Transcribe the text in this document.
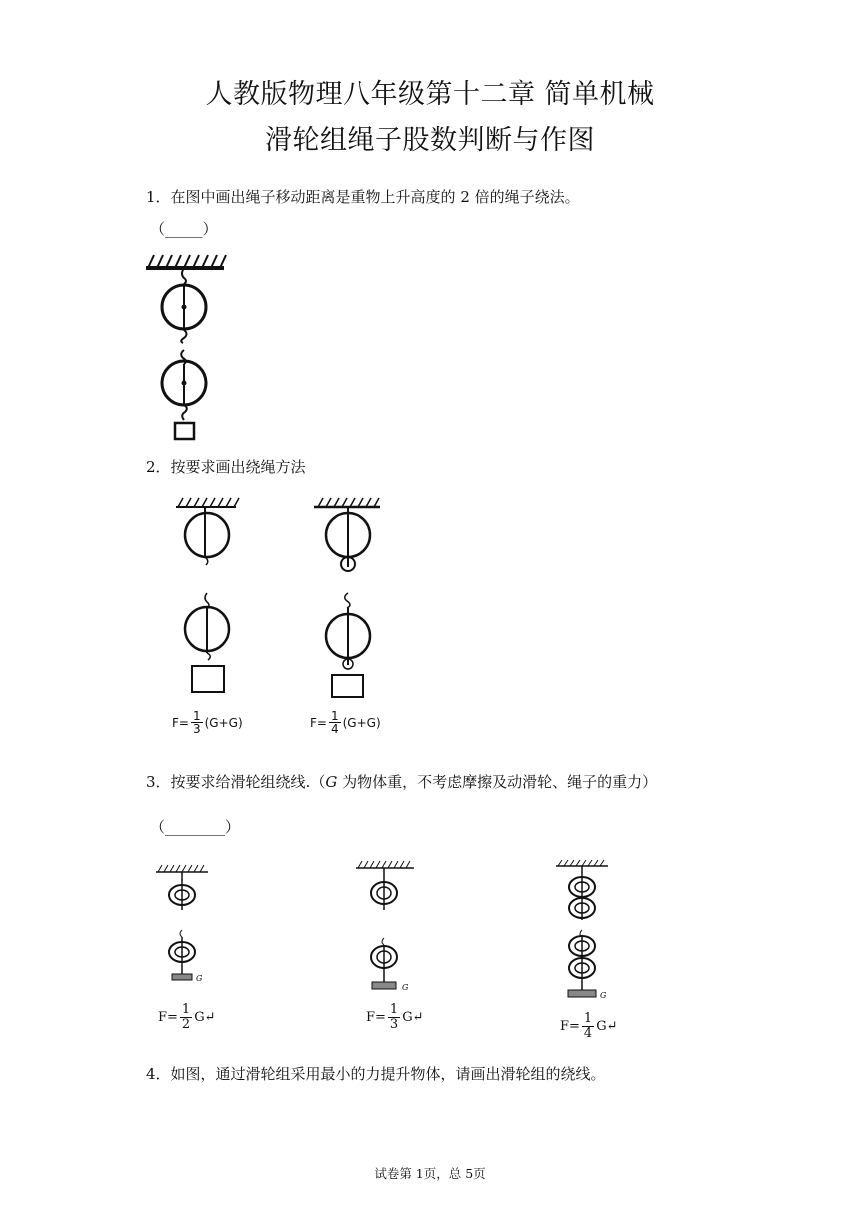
人教版物理八年级第十二章 简单机械
滑轮组绳子股数判断与作图
1．在图中画出绳子移动距离是重物上升高度的 2 倍的绳子绕法。
（_____）
2．按要求画出绕绳方法
$F= \frac{1}{3} (G+G)$	$F= \frac{1}{4} (G+G)$
3．按要求给滑轮组绕线.（G 为物体重，不考虑摩擦及动滑轮、绳子的重力）
（________）
G
G
G
$F= \frac{1}{2}$ G↵	$F= \frac{1}{3}$ G↵
$F= \frac{1}{4}$ G↵
4．如图，通过滑轮组采用最小的力提升物体，请画出滑轮组的绕线。
试卷第 1页，总 5页
